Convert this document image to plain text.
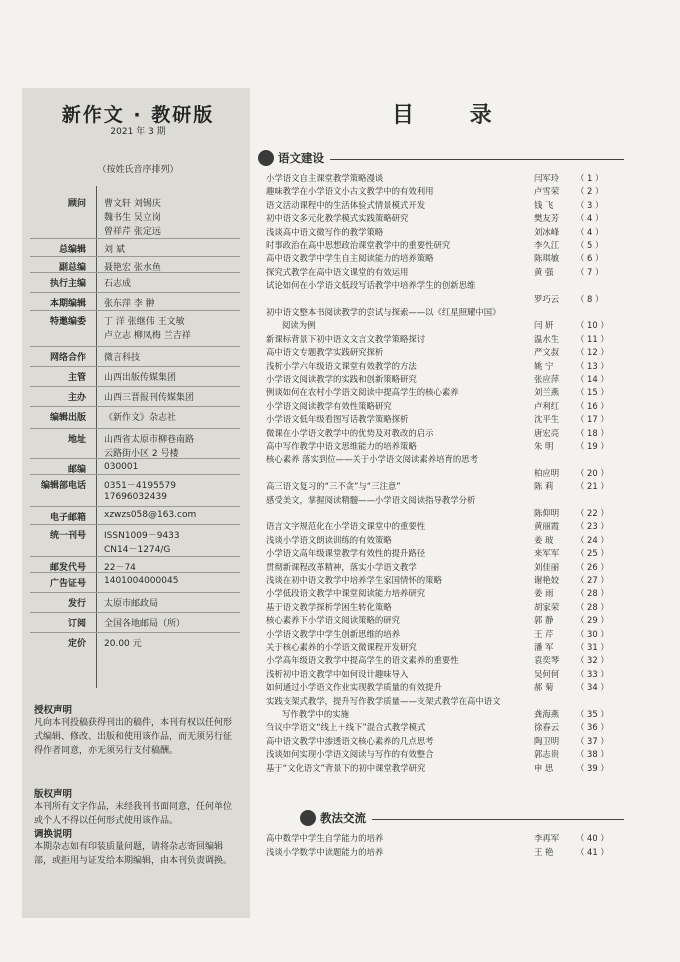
新作文 · 教研版
2021 年 3 期
（按姓氏音序排列）
顾问 曹文轩 刘锡庆
魏书生 吴立岗
曾祥芹 张定远
总编辑 刘 斌
副总编 聂艳宏 张水鱼
执行主编 石志成
本期编辑 张东萍 李 翀
特邀编委 丁 洋 张继伟 王文敏
卢立志 柳凤梅 兰吉祥
网络合作 微言科技
主管 山西出版传媒集团
主办 山西三晋报刊传媒集团
编辑出版 《新作文》杂志社
地址 山西省太原市柳巷南路
云路街小区 2 号楼
邮编 030001
编辑部电话 0351－4195579
17696032439
电子邮箱 xzwzs058@163.com
统一刊号 ISSN1009－9433
CN14－1274/G
邮发代号 22－74
广告证号 1401004000045
发行 太原市邮政局
订阅 全国各地邮局（所）
定价 20.00 元
授权声明
凡向本刊投稿获得刊出的稿件，本刊有权以任何形式编辑、修改、出版和使用该作品，而无须另行征得作者同意，亦无须另行支付稿酬。
版权声明
本刊所有文字作品，未经我刊书面同意，任何单位或个人不得以任何形式使用该作品。
调换说明
本期杂志如有印装质量问题，请将杂志寄回编辑部，或拒用与证发给本期编辑，由本刊负责调换。
目 录
语文建设
小学语文自主课堂教学策略漫谈	闫军玲 （ 1 ）
趣味教学在小学语文小古文教学中的有效利用	卢雪荣 （ 2 ）
语文活动课程中的生活体验式情景模式开发	钱 飞	（ 3 ）
初中语文多元化教学模式实践策略研究	樊友芳 （ 4 ）
浅谈高中语文微写作的教学策略	刘冰峰 （ 4 ）
时事政治在高中思想政治课堂教学中的重要性研究	李久江 （ 5 ）
高中语文教学中学生自主阅读能力的培养策略	陈琪敏 （ 6 ）
探究式教学在高中语文课堂的有效运用	黄 强	（ 7 ）
试论如何在小学语文低段写话教学中培养学生的创新思维
罗巧云 （ 8 ）
初中语文整本书阅读教学的尝试与探索——以《红星照耀中国》
阅读为例	闫 妍	（ 10 ）
新课标背景下初中语文文言文教学策略探讨	温水生 （ 11 ）
高中语文专题教学实践研究探析	严文叔 （ 12 ）
浅析小学六年级语文课堂有效教学的方法	姚 宁	（ 13 ）
小学语文阅读教学的实践和创新策略研究	张应萍 （ 14 ）
例谈如何在农村小学语文阅读中提高学生的核心素养	刘兰燕 （ 15 ）
小学语文阅读教学有效性策略研究	卢利红 （ 16 ）
小学语文低年级看图写话教学策略探析	沈平生 （ 17 ）
微课在小学语文教学中的优势及对教改的启示	唐宏亮 （ 18 ）
高中写作教学中语文思维能力的培养策略	朱 明	（ 19 ）
核心素养 落实到位——关于小学语文阅读素养培育的思考
柏应明 （ 20 ）
高三语文复习的“三不贪”与“三注意”	陈 莉	（ 21 ）
感受美文，掌握阅读精髓——小学语文阅读指导教学分析
陈仰明 （ 22 ）
语言文字规范化在小学语文课堂中的重要性	黄丽霞 （ 23 ）
浅谈小学语文朗读训练的有效策略	姜 玻	（ 24 ）
小学语文高年级课堂教学有效性的提升路径	来军军 （ 25 ）
贯彻新课程改革精神，落实小学语文教学	刘佳丽 （ 26 ）
浅谈在初中语文教学中培养学生家国情怀的策略	谢艳姣 （ 27 ）
小学低段语文教学中课堂阅读能力培养研究	姜 雨	（ 28 ）
基于语文教学探析学困生转化策略	胡家荣 （ 28 ）
核心素养下小学语文阅读策略的研究	郭 静	（ 29 ）
小学语文教学中学生创新思维的培养	王 芹	（ 30 ）
关于核心素养的小学语文微课程开发研究	潘 军	（ 31 ）
小学高年级语文教学中提高学生的语文素养的重要性	袁奕琴 （ 32 ）
浅析初中语文教学中如何设计趣味导入	吴何何 （ 33 ）
如何通过小学语文作业实现教学质量的有效提升	郝 菊	（ 34 ）
实践支架式教学，提升写作教学质量——支架式教学在高中语文
写作教学中的实施	龚海燕 （ 35 ）
刍议中学语文“线上＋线下”混合式教学模式	徐春云 （ 36 ）
高中语文教学中渗透语文核心素养的几点思考	陶卫明 （ 37 ）
浅谈如何实现小学语文阅读与写作的有效整合	郭志贵 （ 38 ）
基于“文化语文”背景下的初中课堂教学研究	申 思	（ 39 ）
教法交流
高中数学中学生自学能力的培养	李再军 （ 40 ）
浅谈小学数学中读题能力的培养	王 艳	（ 41 ）
